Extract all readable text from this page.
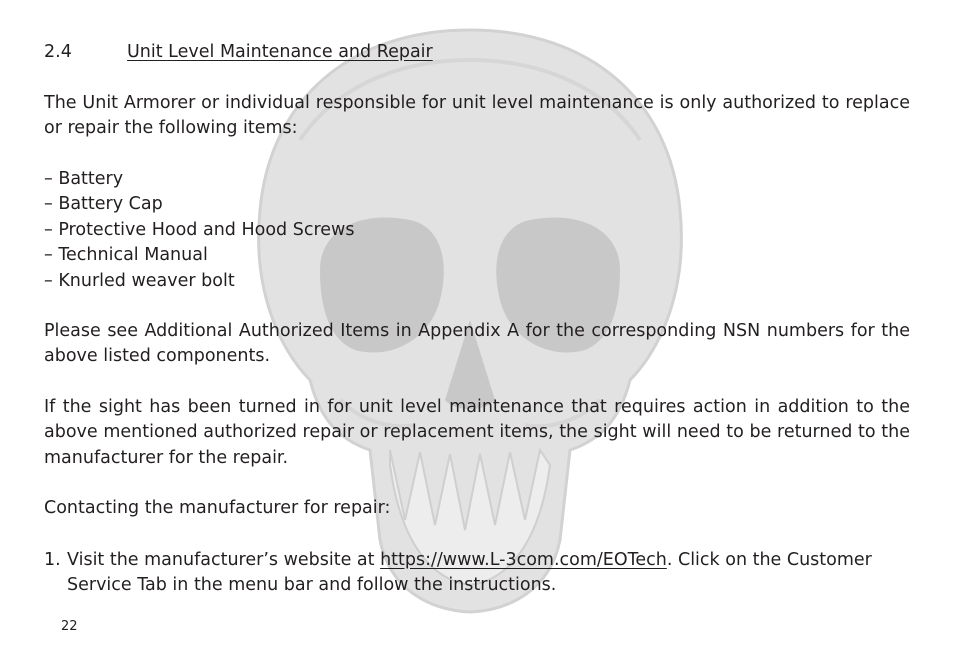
2.4	Unit Level Maintenance and Repair

The Unit Armorer or individual responsible for unit level maintenance is only authorized to replace or repair the following items:

– Battery
– Battery Cap
– Protective Hood and Hood Screws
– Technical Manual
– Knurled weaver bolt

Please see Additional Authorized Items in Appendix A for the corresponding NSN numbers for the above listed components.

If the sight has been turned in for unit level maintenance that requires action in addition to the above mentioned authorized repair or replacement items, the sight will need to be returned to the manufacturer for the repair.

Contacting the manufacturer for repair:

1. Visit the manufacturer’s website at https://www.L-3com.com/EOTech. Click on the Customer Service Tab in the menu bar and follow the instructions.
22
